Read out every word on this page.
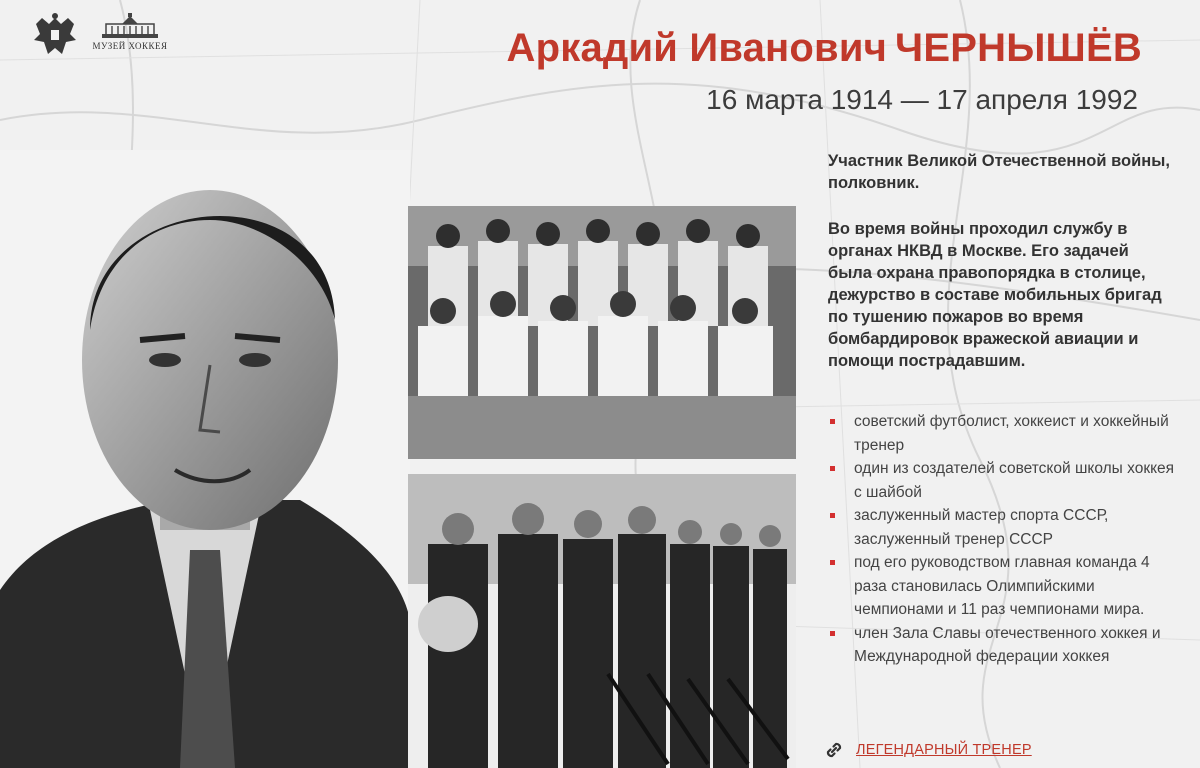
МУЗЕЙ ХОККЕЯ	Аркадий Иванович ЧЕРНЫШЁВ
16 марта 1914 — 17 апреля 1992

Участник Великой Отечественной войны, полковник.

Во время войны проходил службу в органах НКВД в Москве. Его задачей была охрана правопорядка в столице, дежурство в составе мобильных бригад по тушению пожаров во время бомбардировок вражеской авиации и помощи пострадавшим.

советский футболист, хоккеист и хоккейный тренер
один из создателей советской школы хоккея с шайбой
заслуженный мастер спорта СССР, заслуженный тренер СССР
под его руководством главная команда 4 раза становилась Олимпийскими чемпионами и 11 раз чемпионами мира.
член Зала Славы отечественного хоккея и Международной федерации хоккея
ЛЕГЕНДАРНЫЙ ТРЕНЕР
